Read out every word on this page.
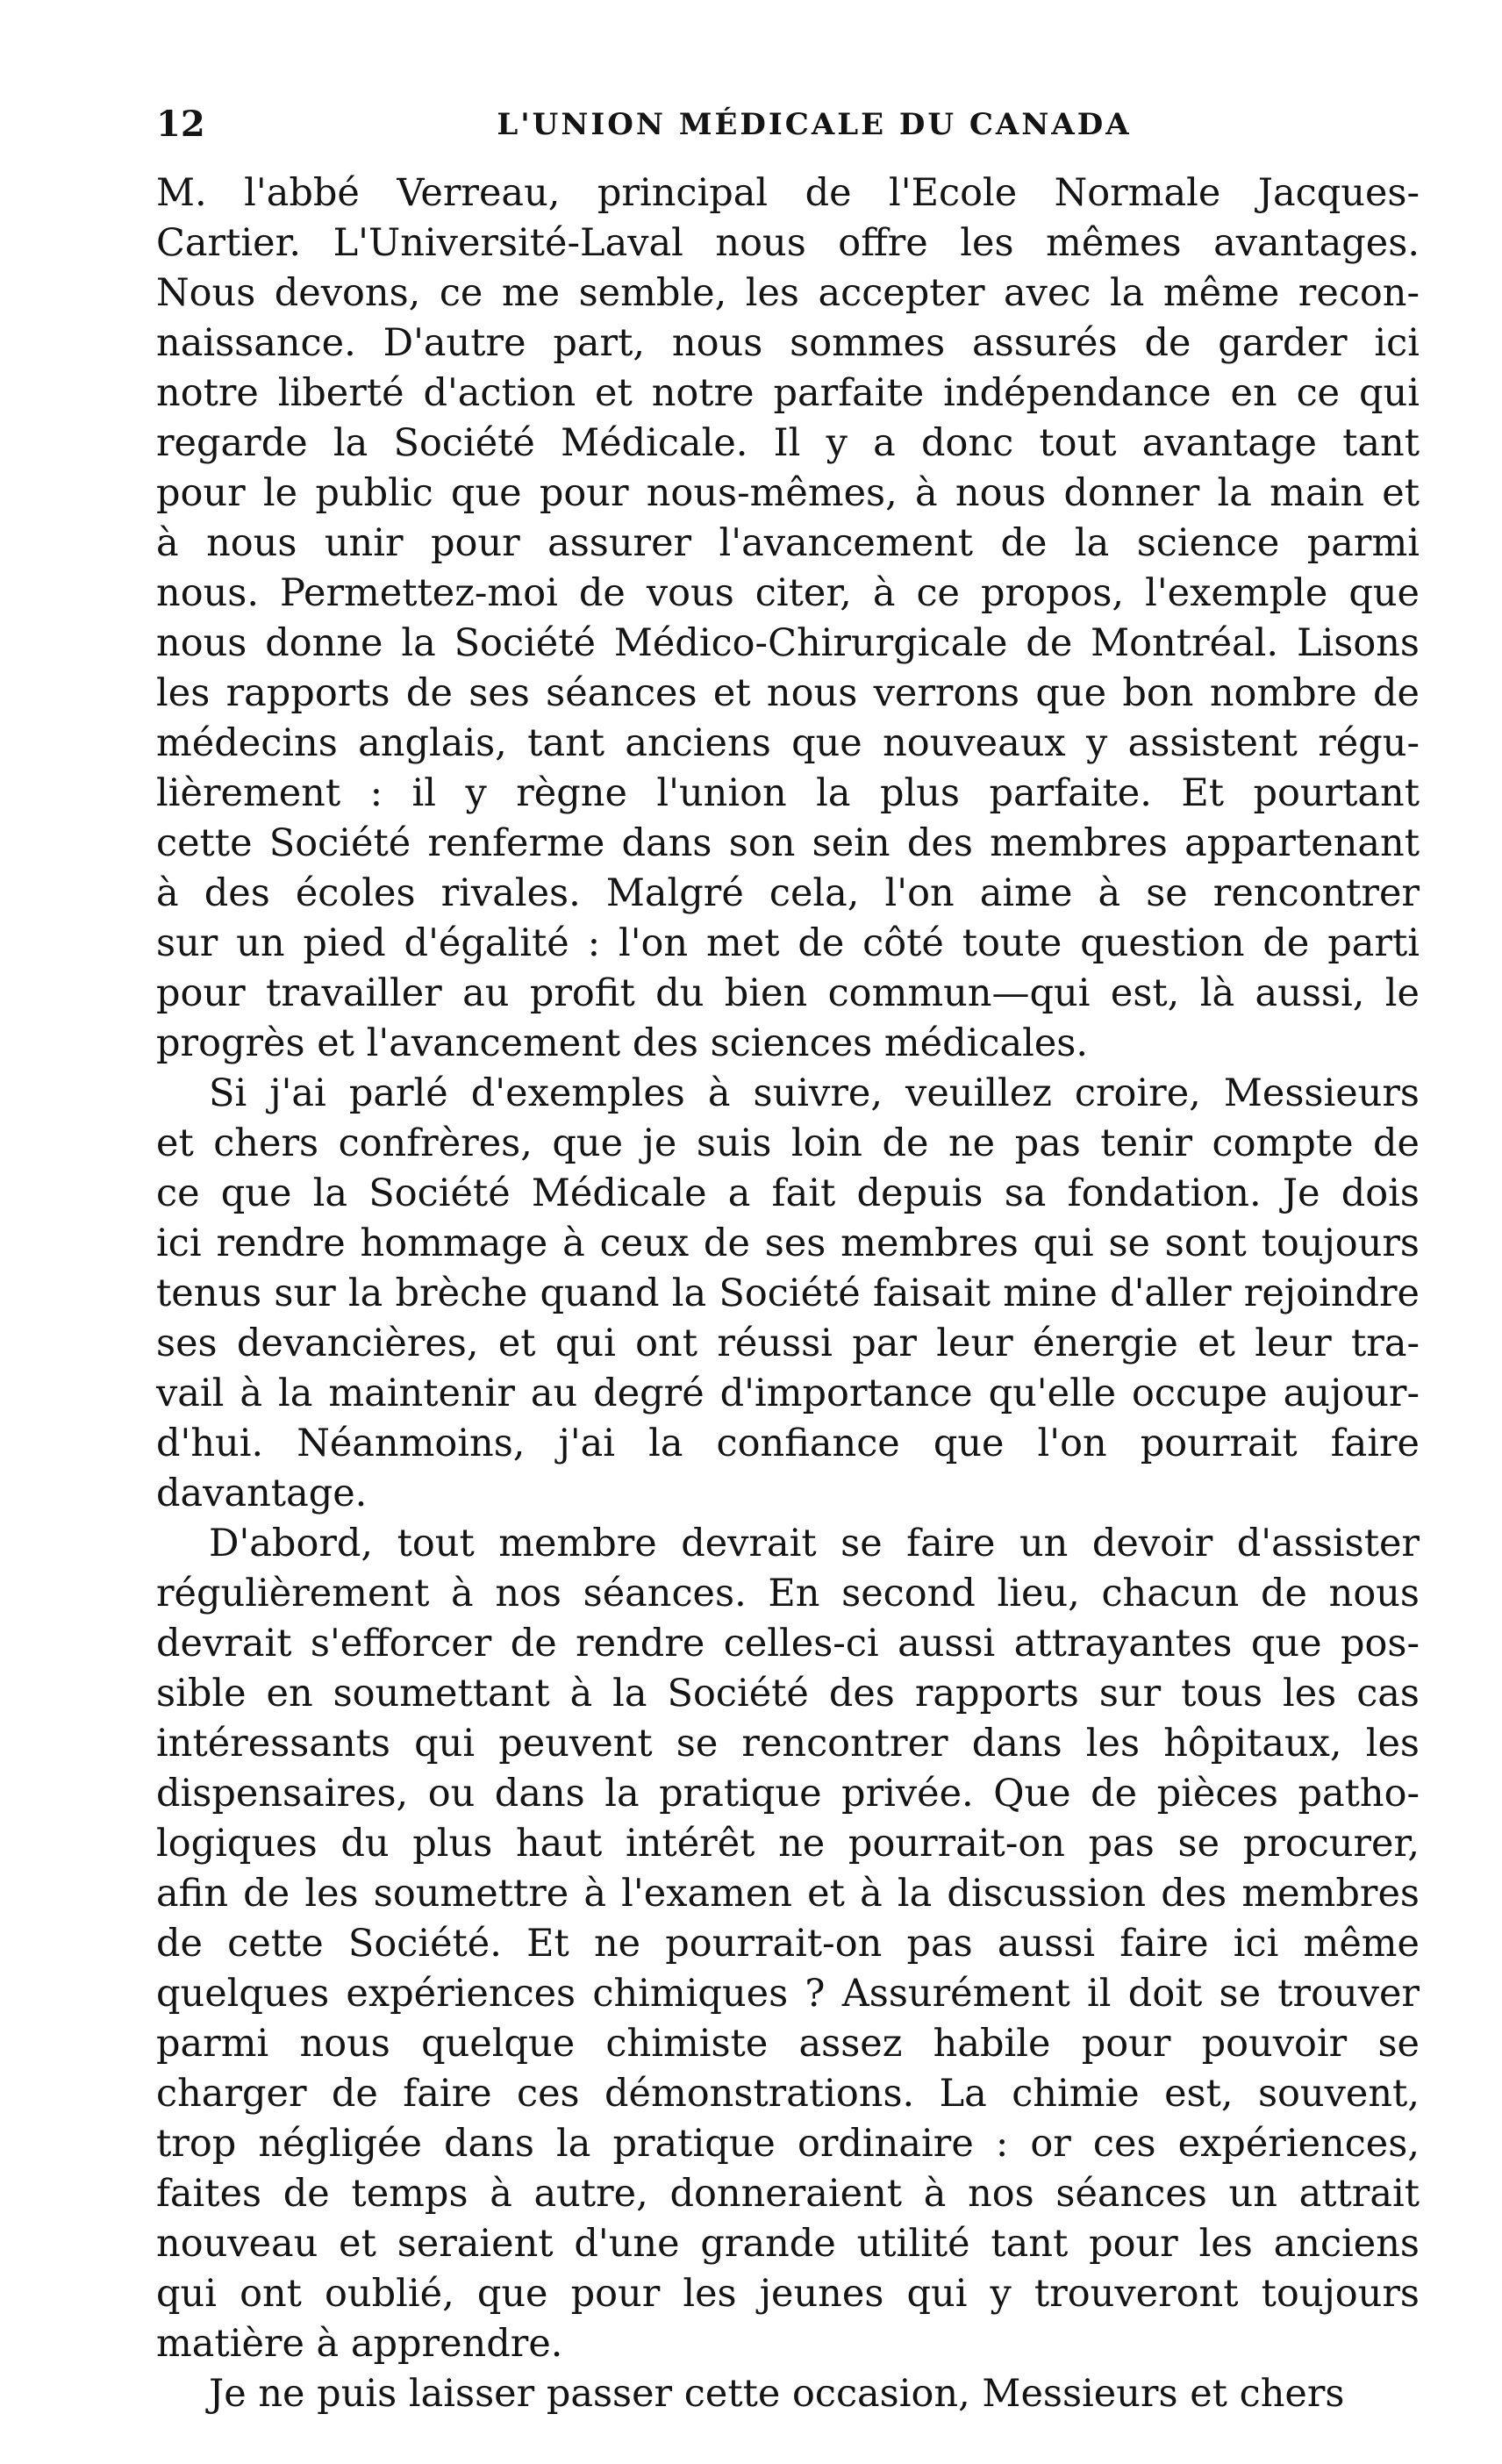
12	L'UNION MÉDICALE DU CANADA
M. l'abbé Verreau, principal de l'Ecole Normale Jacques-
Cartier. L'Université-Laval nous offre les mêmes avantages.
Nous devons, ce me semble, les accepter avec la même recon-
naissance. D'autre part, nous sommes assurés de garder ici
notre liberté d'action et notre parfaite indépendance en ce qui
regarde la Société Médicale. Il y a donc tout avantage tant
pour le public que pour nous-mêmes, à nous donner la main et
à nous unir pour assurer l'avancement de la science parmi
nous. Permettez-moi de vous citer, à ce propos, l'exemple que
nous donne la Société Médico-Chirurgicale de Montréal. Lisons
les rapports de ses séances et nous verrons que bon nombre de
médecins anglais, tant anciens que nouveaux y assistent régu-
lièrement : il y règne l'union la plus parfaite. Et pourtant
cette Société renferme dans son sein des membres appartenant
à des écoles rivales. Malgré cela, l'on aime à se rencontrer
sur un pied d'égalité : l'on met de côté toute question de parti
pour travailler au profit du bien commun—qui est, là aussi, le
progrès et l'avancement des sciences médicales.
Si j'ai parlé d'exemples à suivre, veuillez croire, Messieurs
et chers confrères, que je suis loin de ne pas tenir compte de
ce que la Société Médicale a fait depuis sa fondation. Je dois
ici rendre hommage à ceux de ses membres qui se sont toujours
tenus sur la brèche quand la Société faisait mine d'aller rejoindre
ses devancières, et qui ont réussi par leur énergie et leur tra-
vail à la maintenir au degré d'importance qu'elle occupe aujour-
d'hui. Néanmoins, j'ai la confiance que l'on pourrait faire
davantage.
D'abord, tout membre devrait se faire un devoir d'assister
régulièrement à nos séances. En second lieu, chacun de nous
devrait s'efforcer de rendre celles-ci aussi attrayantes que pos-
sible en soumettant à la Société des rapports sur tous les cas
intéressants qui peuvent se rencontrer dans les hôpitaux, les
dispensaires, ou dans la pratique privée. Que de pièces patho-
logiques du plus haut intérêt ne pourrait-on pas se procurer,
afin de les soumettre à l'examen et à la discussion des membres
de cette Société. Et ne pourrait-on pas aussi faire ici même
quelques expériences chimiques ? Assurément il doit se trouver
parmi nous quelque chimiste assez habile pour pouvoir se
charger de faire ces démonstrations. La chimie est, souvent,
trop négligée dans la pratique ordinaire : or ces expériences,
faites de temps à autre, donneraient à nos séances un attrait
nouveau et seraient d'une grande utilité tant pour les anciens
qui ont oublié, que pour les jeunes qui y trouveront toujours
matière à apprendre.
Je ne puis laisser passer cette occasion, Messieurs et chers
